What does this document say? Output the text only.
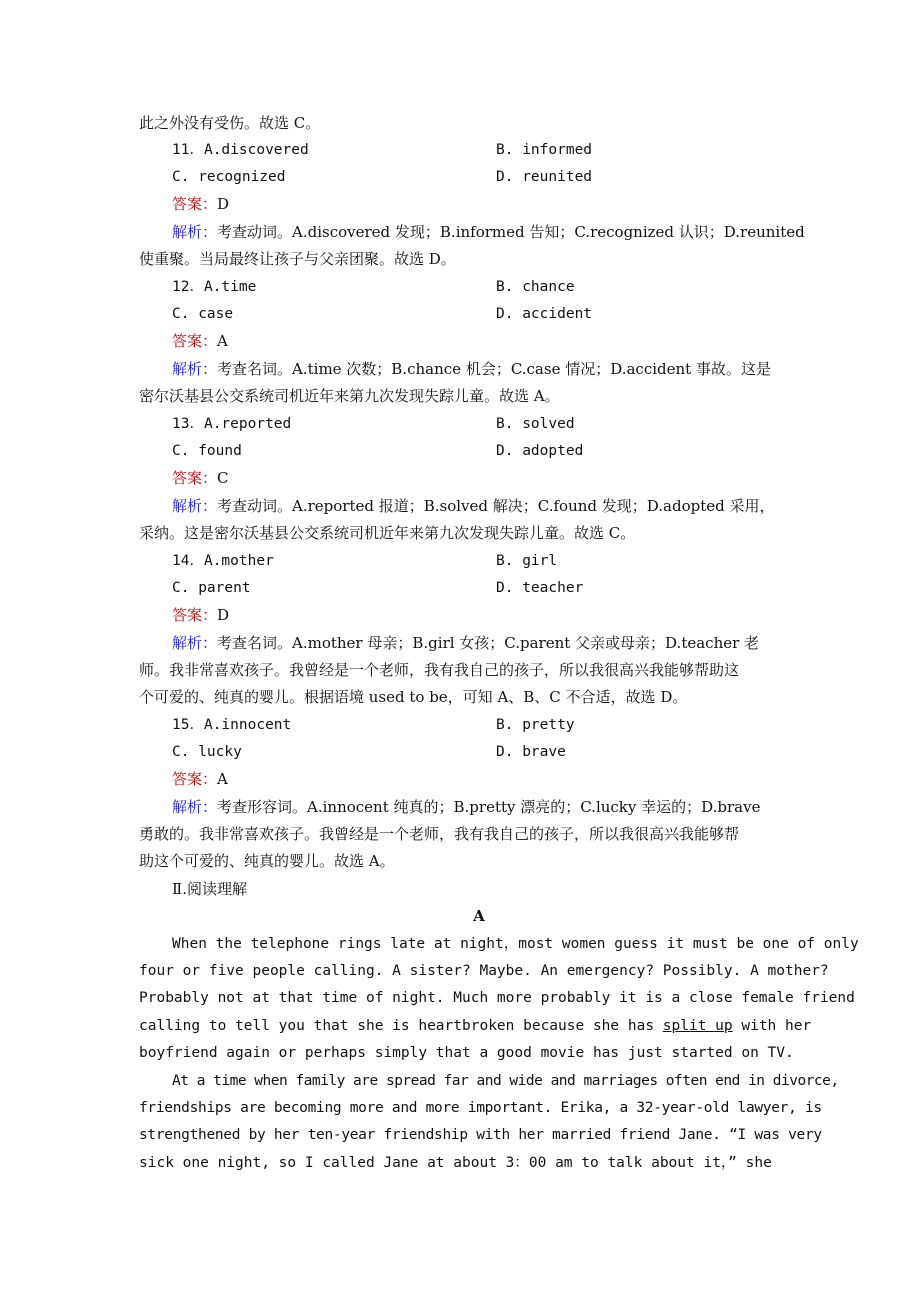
此之外没有受伤。故选 C。
11．A.discovered	B. informed
C. recognized	D. reunited
答案：D
解析：考查动词。A.discovered 发现；B.informed 告知；C.recognized 认识；D.reunited
使重聚。当局最终让孩子与父亲团聚。故选 D。
12．A.time	B. chance
C. case	D. accident
答案：A
解析：考查名词。A.time 次数；B.chance 机会；C.case 情况；D.accident 事故。这是
密尔沃基县公交系统司机近年来第九次发现失踪儿童。故选 A。
13．A.reported	B. solved
C. found	D. adopted
答案：C
解析：考查动词。A.reported 报道；B.solved 解决；C.found 发现；D.adopted 采用，
采纳。这是密尔沃基县公交系统司机近年来第九次发现失踪儿童。故选 C。
14．A.mother	B. girl
C. parent	D. teacher
答案：D
解析：考查名词。A.mother 母亲；B.girl 女孩；C.parent 父亲或母亲；D.teacher 老
师。我非常喜欢孩子。我曾经是一个老师，我有我自己的孩子，所以我很高兴我能够帮助这
个可爱的、纯真的婴儿。根据语境 used to be，可知 A、B、C 不合适，故选 D。
15．A.innocent	B. pretty
C. lucky	D. brave
答案：A
解析：考查形容词。A.innocent 纯真的；B.pretty 漂亮的；C.lucky 幸运的；D.brave
勇敢的。我非常喜欢孩子。我曾经是一个老师，我有我自己的孩子，所以我很高兴我能够帮
助这个可爱的、纯真的婴儿。故选 A。
Ⅱ.阅读理解
A
When the telephone rings late at night，most women guess it must be one of only
four or five people calling. A sister? Maybe. An emergency? Possibly. A mother?
Probably not at that time of night. Much more probably it is a close female friend
calling to tell you that she is heartbroken because she has split up with her
boyfriend again or perhaps simply that a good movie has just started on TV.
At a time when family are spread far and wide and marriages often end in divorce,
friendships are becoming more and more important. Erika, a 32-year-old lawyer, is
strengthened by her ten-year friendship with her married friend Jane. “I was very
sick one night, so I called Jane at about 3：00 am to talk about it，” she
